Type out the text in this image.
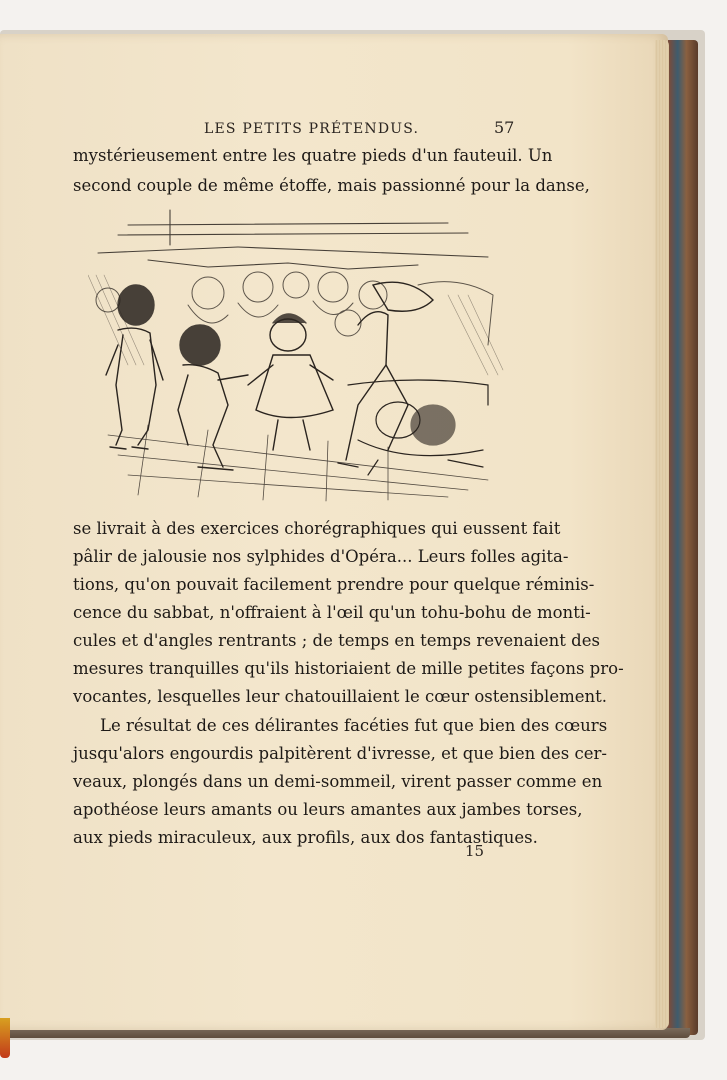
LES PETITS PRÉTENDUS.	57
mystérieusement entre les quatre pieds d'un fauteuil. Un
second couple de même étoffe, mais passionné pour la danse,
se livrait à des exercices chorégraphiques qui eussent fait
pâlir de jalousie nos sylphides d'Opéra... Leurs folles agita-
tions, qu'on pouvait facilement prendre pour quelque réminis-
cence du sabbat, n'offraient à l'œil qu'un tohu-bohu de monti-
cules et d'angles rentrants ; de temps en temps revenaient des
mesures tranquilles qu'ils historiaient de mille petites façons pro-
vocantes, lesquelles leur chatouillaient le cœur ostensiblement.
Le résultat de ces délirantes facéties fut que bien des cœurs
jusqu'alors engourdis palpitèrent d'ivresse, et que bien des cer-
veaux, plongés dans un demi-sommeil, virent passer comme en
apothéose leurs amants ou leurs amantes aux jambes torses,
aux pieds miraculeux, aux profils, aux dos fantastiques.
15
